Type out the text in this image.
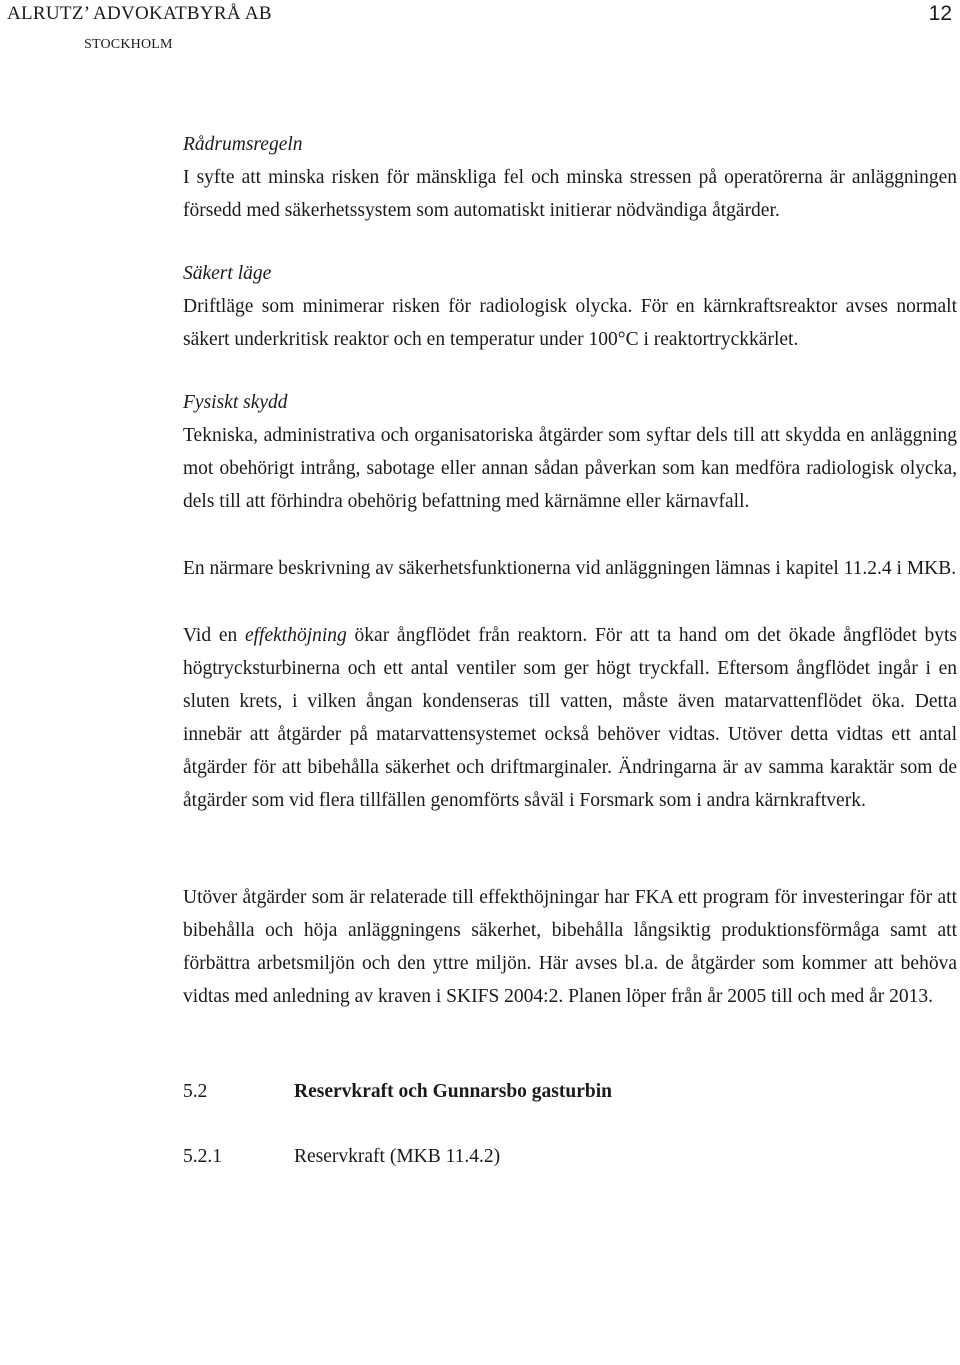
ALRUTZ’ ADVOKATBYRÅ AB
STOCKHOLM
12

Rådrumsregeln

I syfte att minska risken för mänskliga fel och minska stressen på operatörerna är anläggningen försedd med säkerhetssystem som automatiskt initierar nödvändiga åtgärder.

Säkert läge

Driftläge som minimerar risken för radiologisk olycka. För en kärnkraftsreaktor avses normalt säkert underkritisk reaktor och en temperatur under 100°C i reaktortryckkärlet.

Fysiskt skydd

Tekniska, administrativa och organisatoriska åtgärder som syftar dels till att skydda en anläggning mot obehörigt intrång, sabotage eller annan sådan påverkan som kan medföra radiologisk olycka, dels till att förhindra obehörig befattning med kärnämne eller kärnavfall.

En närmare beskrivning av säkerhetsfunktionerna vid anläggningen lämnas i kapitel 11.2.4 i MKB.

Vid en effekthöjning ökar ångflödet från reaktorn. För att ta hand om det ökade ångflödet byts högtrycksturbinerna och ett antal ventiler som ger högt tryckfall. Eftersom ångflödet ingår i en sluten krets, i vilken ångan kondenseras till vatten, måste även matarvattenflödet öka. Detta innebär att åtgärder på matarvattensystemet också behöver vidtas. Utöver detta vidtas ett antal åtgärder för att bibehålla säkerhet och driftmarginaler. Ändringarna är av samma karaktär som de åtgärder som vid flera tillfällen genomförts såväl i Forsmark som i andra kärnkraftverk.

Utöver åtgärder som är relaterade till effekthöjningar har FKA ett program för investeringar för att bibehålla och höja anläggningens säkerhet, bibehålla långsiktig produktionsförmåga samt att förbättra arbetsmiljön och den yttre miljön. Här avses bl.a. de åtgärder som kommer att behöva vidtas med anledning av kraven i SKIFS 2004:2. Planen löper från år 2005 till och med år 2013.

5.2	Reservkraft och Gunnarsbo gasturbin
5.2.1	Reservkraft (MKB 11.4.2)
